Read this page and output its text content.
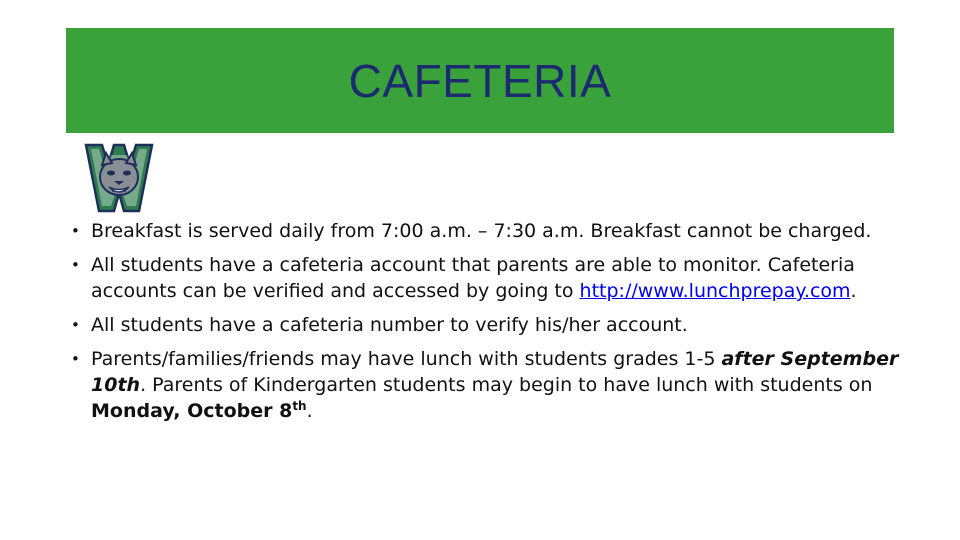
CAFETERIA
• Breakfast is served daily from 7:00 a.m. – 7:30 a.m. Breakfast cannot be charged.
• All students have a cafeteria account that parents are able to monitor. Cafeteria accounts can be verified and accessed by going to http://www.lunchprepay.com.
• All students have a cafeteria number to verify his/her account.
• Parents/families/friends may have lunch with students grades 1-5 after September 10th. Parents of Kindergarten students may begin to have lunch with students on Monday, October 8th.
